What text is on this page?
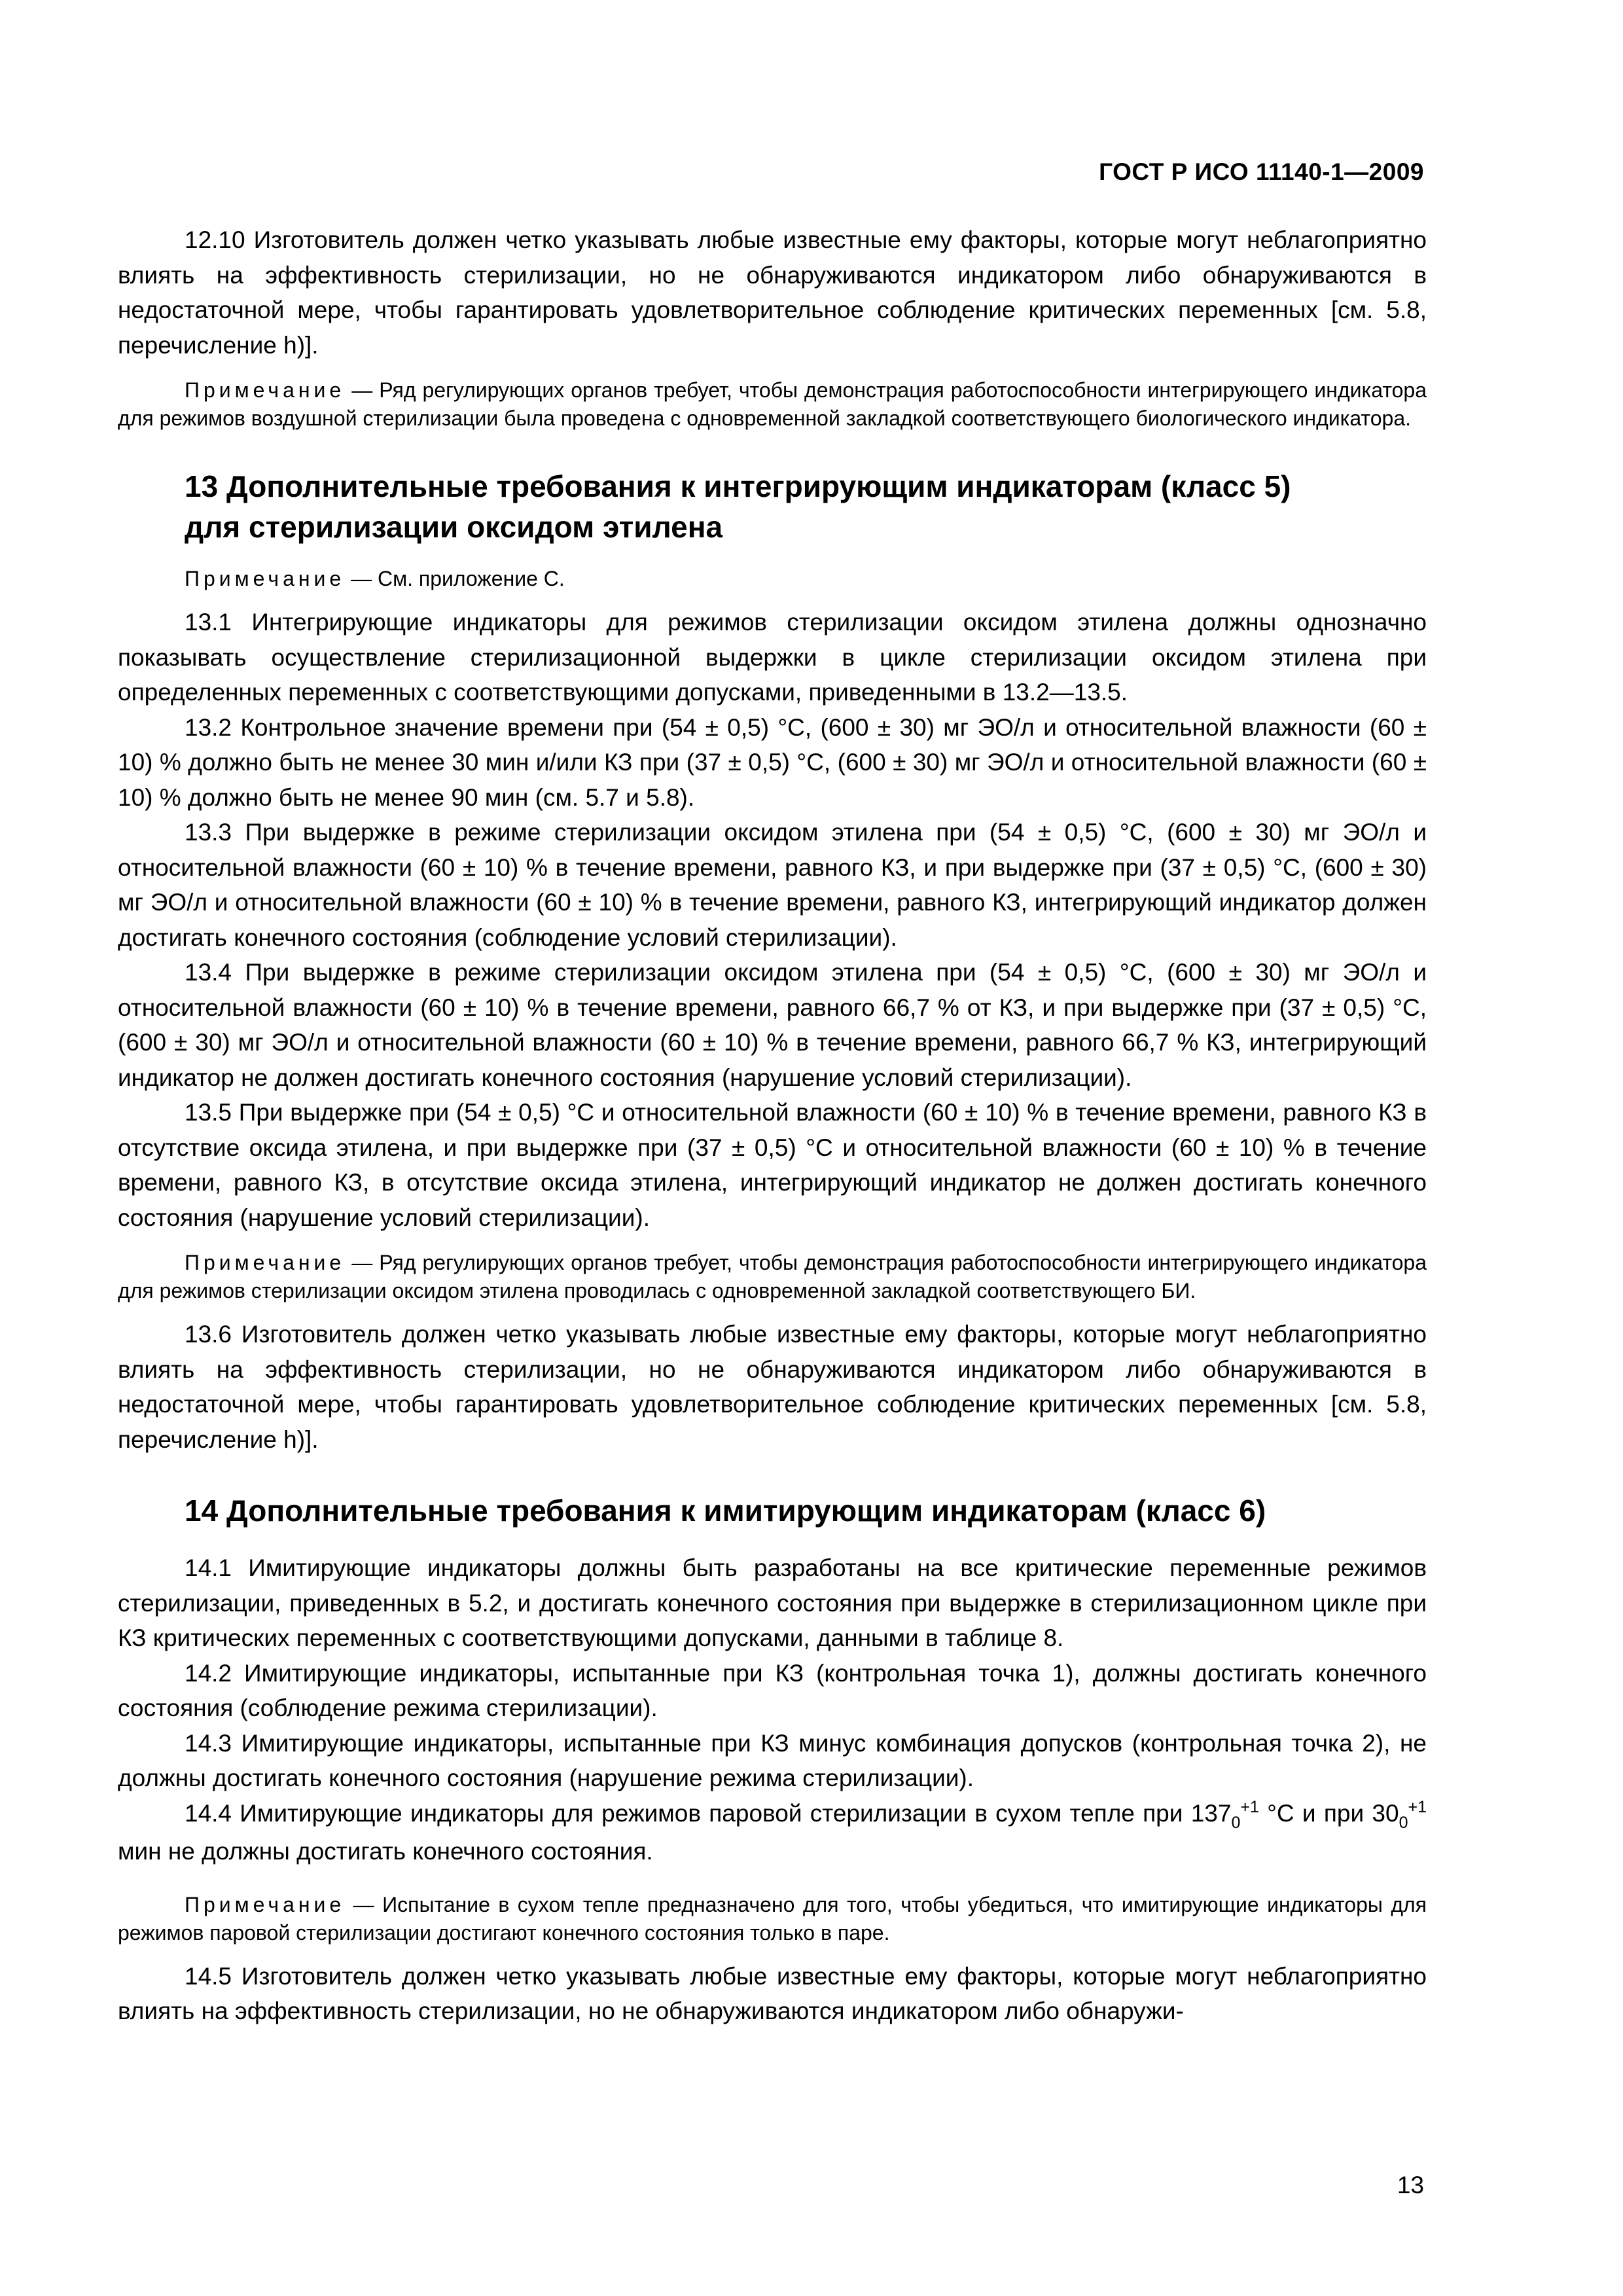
ГОСТ Р ИСО 11140-1—2009

12.10 Изготовитель должен четко указывать любые известные ему факторы, которые могут неблагоприятно влиять на эффективность стерилизации, но не обнаруживаются индикатором либо обнаруживаются в недостаточной мере, чтобы гарантировать удовлетворительное соблюдение критических переменных [см. 5.8, перечисление h)].

Примечание — Ряд регулирующих органов требует, чтобы демонстрация работоспособности интегрирующего индикатора для режимов воздушной стерилизации была проведена с одновременной закладкой соответствующего биологического индикатора.

13 Дополнительные требования к интегрирующим индикаторам (класс 5)
для стерилизации оксидом этилена

Примечание — См. приложение С.

13.1 Интегрирующие индикаторы для режимов стерилизации оксидом этилена должны однозначно показывать осуществление стерилизационной выдержки в цикле стерилизации оксидом этилена при определенных переменных с соответствующими допусками, приведенными в 13.2—13.5.

13.2 Контрольное значение времени при (54 ± 0,5) °С, (600 ± 30) мг ЭО/л и относительной влажности (60 ± 10) % должно быть не менее 30 мин и/или КЗ при (37 ± 0,5) °С, (600 ± 30) мг ЭО/л и относительной влажности (60 ± 10) % должно быть не менее 90 мин (см. 5.7 и 5.8).

13.3 При выдержке в режиме стерилизации оксидом этилена при (54 ± 0,5) °С, (600 ± 30) мг ЭО/л и относительной влажности (60 ± 10) % в течение времени, равного КЗ, и при выдержке при (37 ± 0,5) °С, (600 ± 30) мг ЭО/л и относительной влажности (60 ± 10) % в течение времени, равного КЗ, интегрирующий индикатор должен достигать конечного состояния (соблюдение условий стерилизации).

13.4 При выдержке в режиме стерилизации оксидом этилена при (54 ± 0,5) °С, (600 ± 30) мг ЭО/л и относительной влажности (60 ± 10) % в течение времени, равного 66,7 % от КЗ, и при выдержке при (37 ± 0,5) °С, (600 ± 30) мг ЭО/л и относительной влажности (60 ± 10) % в течение времени, равного 66,7 % КЗ, интегрирующий индикатор не должен достигать конечного состояния (нарушение условий стерилизации).

13.5 При выдержке при (54 ± 0,5) °С и относительной влажности (60 ± 10) % в течение времени, равного КЗ в отсутствие оксида этилена, и при выдержке при (37 ± 0,5) °С и относительной влажности (60 ± 10) % в течение времени, равного КЗ, в отсутствие оксида этилена, интегрирующий индикатор не должен достигать конечного состояния (нарушение условий стерилизации).

Примечание — Ряд регулирующих органов требует, чтобы демонстрация работоспособности интегрирующего индикатора для режимов стерилизации оксидом этилена проводилась с одновременной закладкой соответствующего БИ.

13.6 Изготовитель должен четко указывать любые известные ему факторы, которые могут неблагоприятно влиять на эффективность стерилизации, но не обнаруживаются индикатором либо обнаруживаются в недостаточной мере, чтобы гарантировать удовлетворительное соблюдение критических переменных [см. 5.8, перечисление h)].

14 Дополнительные требования к имитирующим индикаторам (класс 6)

14.1 Имитирующие индикаторы должны быть разработаны на все критические переменные режимов стерилизации, приведенных в 5.2, и достигать конечного состояния при выдержке в стерилизационном цикле при КЗ критических переменных с соответствующими допусками, данными в таблице 8.

14.2 Имитирующие индикаторы, испытанные при КЗ (контрольная точка 1), должны достигать конечного состояния (соблюдение режима стерилизации).

14.3 Имитирующие индикаторы, испытанные при КЗ минус комбинация допусков (контрольная точка 2), не должны достигать конечного состояния (нарушение режима стерилизации).

14.4 Имитирующие индикаторы для режимов паровой стерилизации в сухом тепле при $137_0^{+1}$ °С и при $30_0^{+1}$ мин не должны достигать конечного состояния.

Примечание — Испытание в сухом тепле предназначено для того, чтобы убедиться, что имитирующие индикаторы для режимов паровой стерилизации достигают конечного состояния только в паре.

14.5 Изготовитель должен четко указывать любые известные ему факторы, которые могут неблагоприятно влиять на эффективность стерилизации, но не обнаруживаются индикатором либо обнаружи-

13
